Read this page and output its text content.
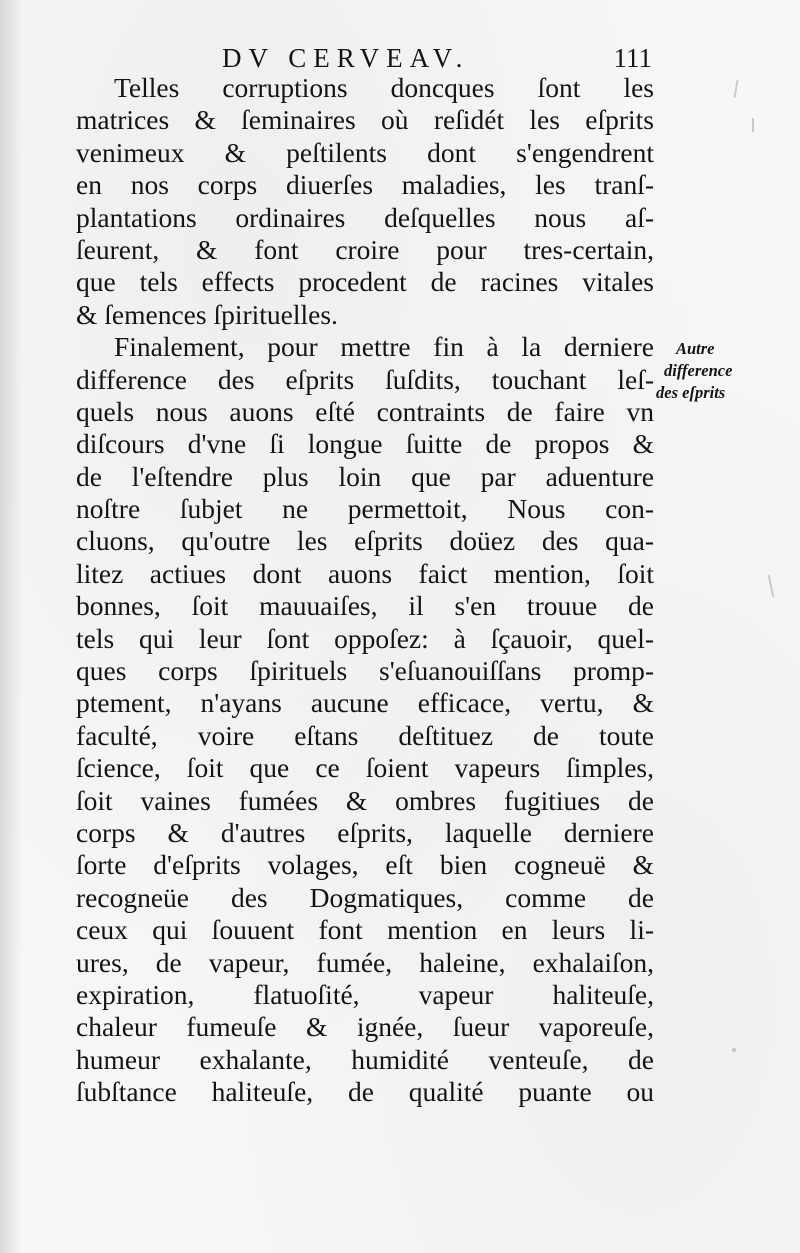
DV CERVEAV.	111
Telles corruptions doncques ſont les
matrices & ſeminaires où reſidét les eſprits
venimeux & peſtilents dont s'engendrent
en nos corps diuerſes maladies, les tranſ-
plantations ordinaires deſquelles nous aſ-
ſeurent, & font croire pour tres-certain,
que tels effects procedent de racines vitales
& ſemences ſpirituelles.
Finalement, pour mettre fin à la derniere
difference des eſprits ſuſdits, touchant leſ-
quels nous auons eſté contraints de faire vn
diſcours d'vne ſi longue ſuitte de propos &
de l'eſtendre plus loin que par aduenture
noſtre ſubjet ne permettoit, Nous con-
cluons, qu'outre les eſprits doüez des qua-
litez actiues dont auons faict mention, ſoit
bonnes, ſoit mauuaiſes, il s'en trouue de
tels qui leur ſont oppoſez: à ſçauoir, quel-
ques corps ſpirituels s'eſuanouiſſans promp-
ptement, n'ayans aucune efficace, vertu, &
faculté, voire eſtans deſtituez de toute
ſcience, ſoit que ce ſoient vapeurs ſimples,
ſoit vaines fumées & ombres fugitiues de
corps & d'autres eſprits, laquelle derniere
ſorte d'eſprits volages, eſt bien cogneuë &
recogneüe des Dogmatiques, comme de
ceux qui ſouuent font mention en leurs li-
ures, de vapeur, fumée, haleine, exhalaiſon,
expiration, flatuoſité, vapeur haliteuſe,
chaleur fumeuſe & ignée, ſueur vaporeuſe,
humeur exhalante, humidité venteuſe, de
ſubſtance haliteuſe, de qualité puante ou
Autre
difference
des eſprits
